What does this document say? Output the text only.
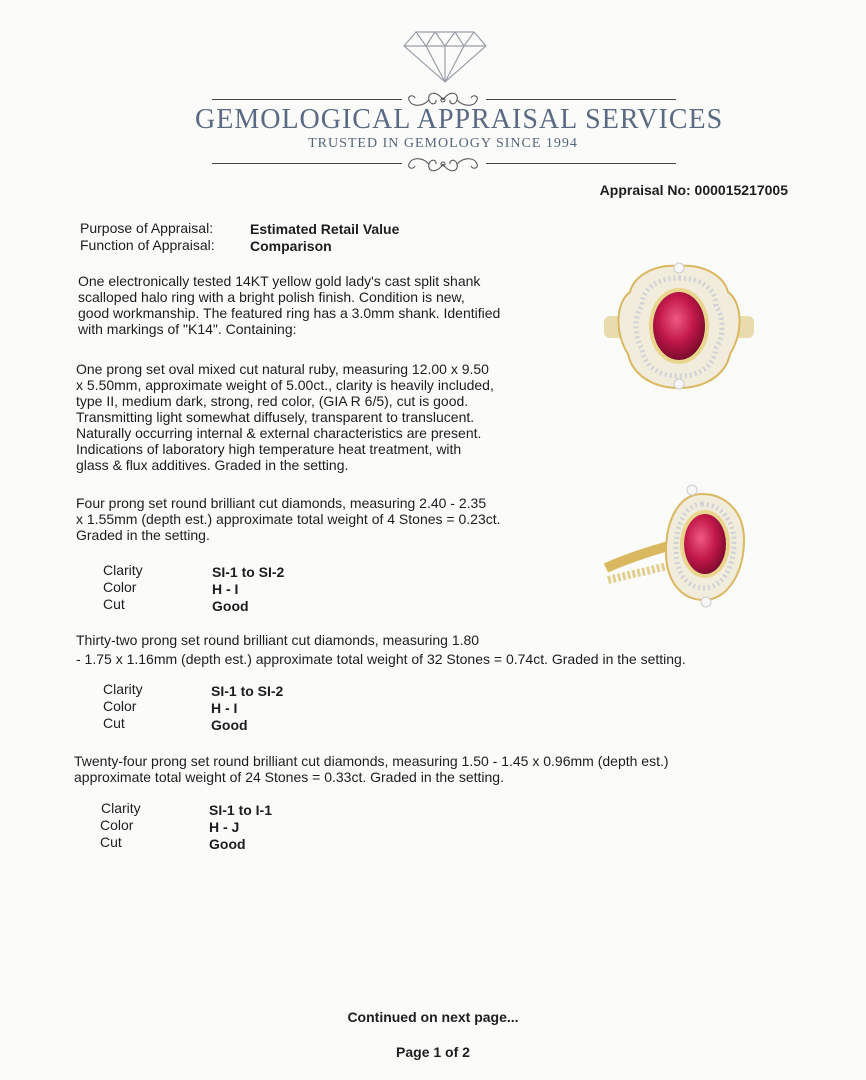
GEMOLOGICAL APPRAISAL SERVICES
TRUSTED IN GEMOLOGY SINCE 1994
Appraisal No: 000015217005
Purpose of Appraisal:	Estimated Retail Value
Function of Appraisal:	Comparison
One electronically tested 14KT yellow gold lady's cast split shank
scalloped halo ring with a bright polish finish. Condition is new,
good workmanship. The featured ring has a 3.0mm shank. Identified
with markings of "K14". Containing:
One prong set oval mixed cut natural ruby, measuring 12.00 x 9.50
x 5.50mm, approximate weight of 5.00ct., clarity is heavily included,
type II, medium dark, strong, red color, (GIA R 6/5), cut is good.
Transmitting light somewhat diffusely, transparent to translucent.
Naturally occurring internal & external characteristics are present.
Indications of laboratory high temperature heat treatment, with
glass & flux additives. Graded in the setting.
Four prong set round brilliant cut diamonds, measuring 2.40 - 2.35
x 1.55mm (depth est.) approximate total weight of 4 Stones = 0.23ct.
Graded in the setting.
Clarity	SI-1 to SI-2
Color	H - I
Cut	Good
Thirty-two prong set round brilliant cut diamonds, measuring 1.80
- 1.75 x 1.16mm (depth est.) approximate total weight of 32 Stones = 0.74ct. Graded in the setting.
Clarity	SI-1 to SI-2
Color	H - I
Cut	Good
Twenty-four prong set round brilliant cut diamonds, measuring 1.50 - 1.45 x 0.96mm (depth est.)
approximate total weight of 24 Stones = 0.33ct. Graded in the setting.
Clarity	SI-1 to I-1
Color	H - J
Cut	Good
Continued on next page...
Page 1 of 2
